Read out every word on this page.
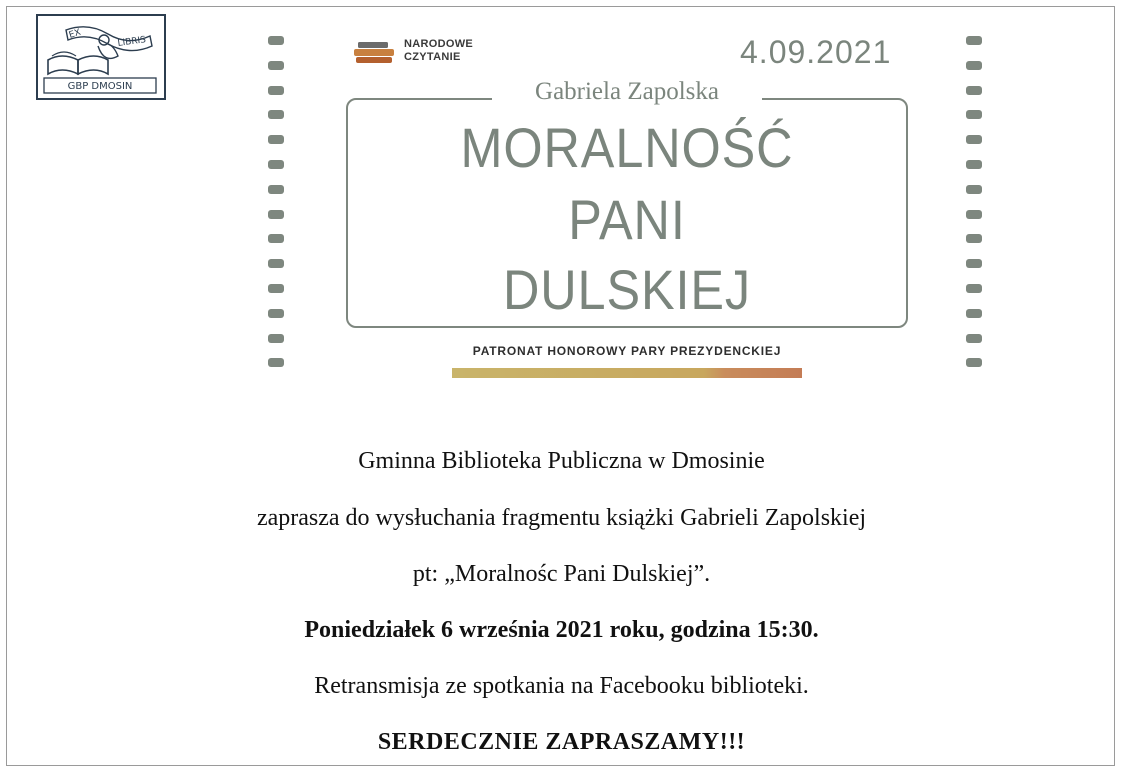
EX
LIBRIS
GBP DMOSIN
NARODOWE
CZYTANIE	4.09.2021
Gabriela Zapolska
MORALNOŚĆ
PANI
DULSKIEJ
PATRONAT HONOROWY PARY PREZYDENCKIEJ
Gminna Biblioteka Publiczna w Dmosinie
zaprasza do wysłuchania fragmentu książki Gabrieli Zapolskiej
pt: „Moralnośc Pani Dulskiej”.
Poniedziałek 6 września 2021 roku, godzina 15:30.
Retransmisja ze spotkania na Facebooku biblioteki.
SERDECZNIE ZAPRASZAMY!!!
